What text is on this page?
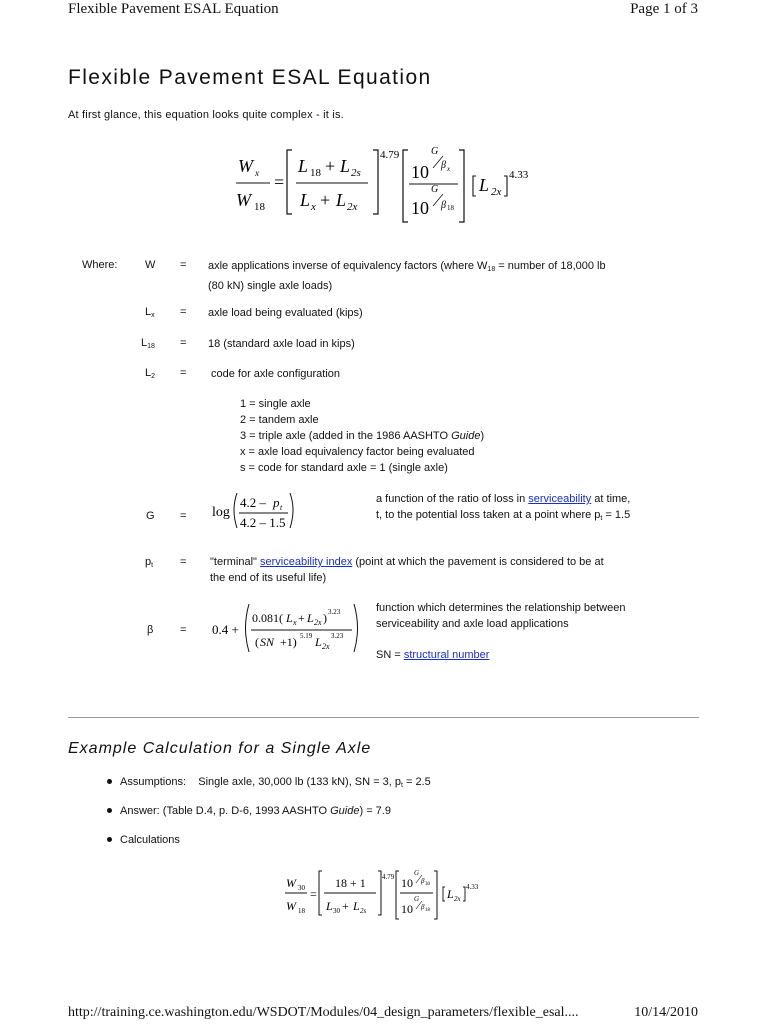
Flexible Pavement ESAL Equation	Page 1 of 3
Flexible Pavement ESAL Equation
At first glance, this equation looks quite complex - it is.
W x
W 18
=
L 18 + L 2s
L x + L 2x
4.79
10
G
β x
10
G
β 18
L 2x
4.33
Where:	W = axle applications inverse of equivalency factors (where $W_{18}$ = number of 18,000 lb
(80 kN) single axle loads)
$L_x$ = axle load being evaluated (kips)
$L_{18} = 18$ (standard axle load in kips)
$L_2$ = code for axle configuration
1 = single axle
2 = tandem axle
3 = triple axle (added in the 1986 AASHTO Guide)
x = axle load equivalency factor being evaluated
s = code for standard axle = 1 (single axle)
G = log
4.2 – p t
4.2 – 1.5
a function of the ratio of loss in serviceability at time,
t, to the potential loss taken at a point where $p_t = 1.5$
$p_t$ = "terminal" serviceability index (point at which the pavement is considered to be at
the end of its useful life)
β = 0.4 +
0.081( L x + L 2x ) 3.23
( SN +1) 5.19 L 2x
3.23
function which determines the relationship between
serviceability and axle load applications
SN = structural number
Example Calculation for a Single Axle
Assumptions: Single axle, 30,000 lb (133 kN), SN = 3, $p_t = 2.5$
Answer: (Table D.4, p. D-6, 1993 AASHTO Guide) = 7.9
Calculations
W 30
W 18
=
18 + 1
L 30 + L 2s
4.79 10
G
β 30
10
G
β 18
L 2x
4.33
http://training.ce.washington.edu/WSDOT/Modules/04_design_parameters/flexible_esal....	10/14/2010
